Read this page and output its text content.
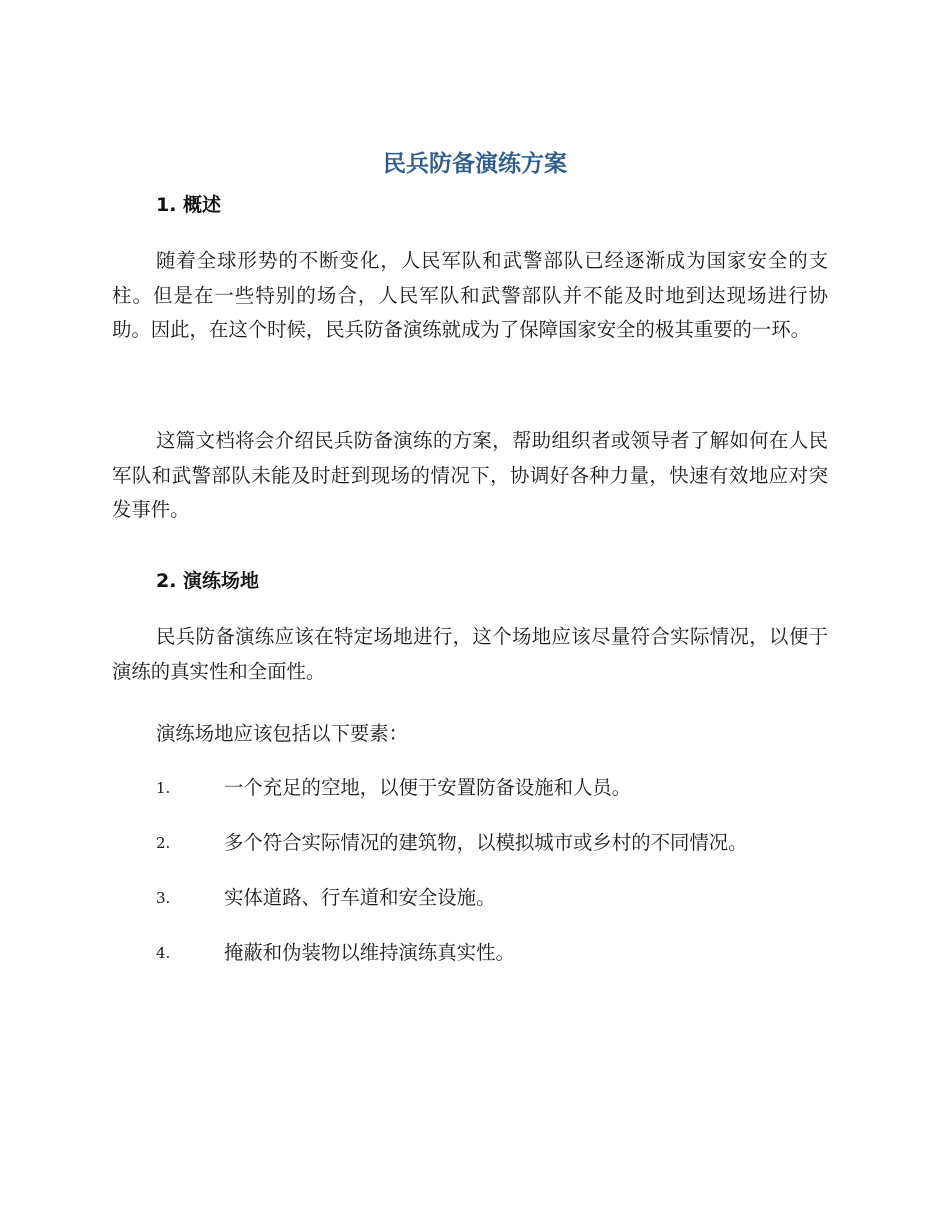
民兵防备演练方案
1. 概述

随着全球形势的不断变化，人民军队和武警部队已经逐渐成为国家安全的支柱。但是在一些特别的场合，人民军队和武警部队并不能及时地到达现场进行协助。因此，在这个时候，民兵防备演练就成为了保障国家安全的极其重要的一环。

这篇文档将会介绍民兵防备演练的方案，帮助组织者或领导者了解如何在人民军队和武警部队未能及时赶到现场的情况下，协调好各种力量，快速有效地应对突发事件。

2. 演练场地

民兵防备演练应该在特定场地进行，这个场地应该尽量符合实际情况，以便于演练的真实性和全面性。

演练场地应该包括以下要素：

1.	一个充足的空地，以便于安置防备设施和人员。
2.	多个符合实际情况的建筑物，以模拟城市或乡村的不同情况。
3.	实体道路、行车道和安全设施。
4.	掩蔽和伪装物以维持演练真实性。
